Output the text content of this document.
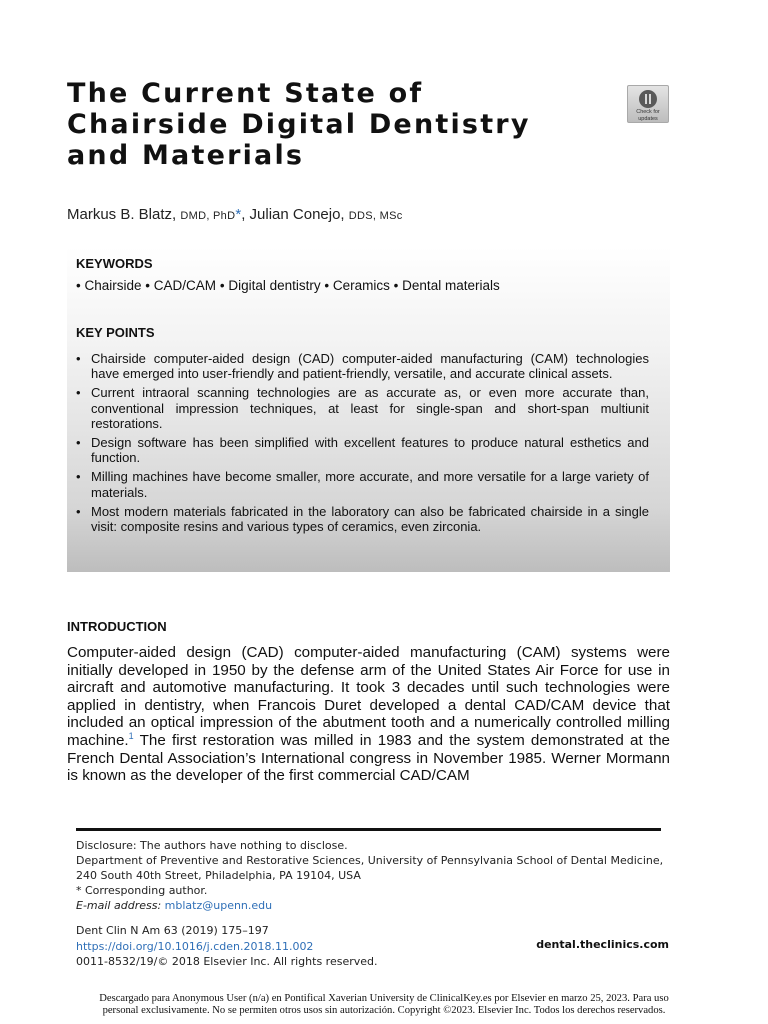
The Current State of
Chairside Digital Dentistry
and Materials
Check for
updates
Markus B. Blatz, DMD, PhD*, Julian Conejo, DDS, MSc
KEYWORDS
• Chairside • CAD/CAM • Digital dentistry • Ceramics • Dental materials
KEY POINTS
• Chairside computer-aided design (CAD) computer-aided manufacturing (CAM) technologies have emerged into user-friendly and patient-friendly, versatile, and accurate clinical assets.
• Current intraoral scanning technologies are as accurate as, or even more accurate than, conventional impression techniques, at least for single-span and short-span multiunit restorations.
• Design software has been simplified with excellent features to produce natural esthetics and function.
• Milling machines have become smaller, more accurate, and more versatile for a large variety of materials.
• Most modern materials fabricated in the laboratory can also be fabricated chairside in a single visit: composite resins and various types of ceramics, even zirconia.
INTRODUCTION

Computer-aided design (CAD) computer-aided manufacturing (CAM) systems were initially developed in 1950 by the defense arm of the United States Air Force for use in aircraft and automotive manufacturing. It took 3 decades until such technologies were applied in dentistry, when Francois Duret developed a dental CAD/CAM device that included an optical impression of the abutment tooth and a numerically controlled milling machine.$^1$ The first restoration was milled in 1983 and the system demonstrated at the French Dental Association’s International congress in November 1985. Werner Mormann is known as the developer of the first commercial CAD/CAM

Disclosure: The authors have nothing to disclose.

Department of Preventive and Restorative Sciences, University of Pennsylvania School of Dental Medicine, 240 South 40th Street, Philadelphia, PA 19104, USA

* Corresponding author.

E-mail address: mblatz@upenn.edu

Dent Clin N Am 63 (2019) 175–197

https://doi.org/10.1016/j.cden.2018.11.002

0011-8532/19/© 2018 Elsevier Inc. All rights reserved.

dental.theclinics.com

Descargado para Anonymous User (n/a) en Pontifical Xaverian University de ClinicalKey.es por Elsevier en marzo 25, 2023. Para uso

personal exclusivamente. No se permiten otros usos sin autorización. Copyright ©2023. Elsevier Inc. Todos los derechos reservados.
